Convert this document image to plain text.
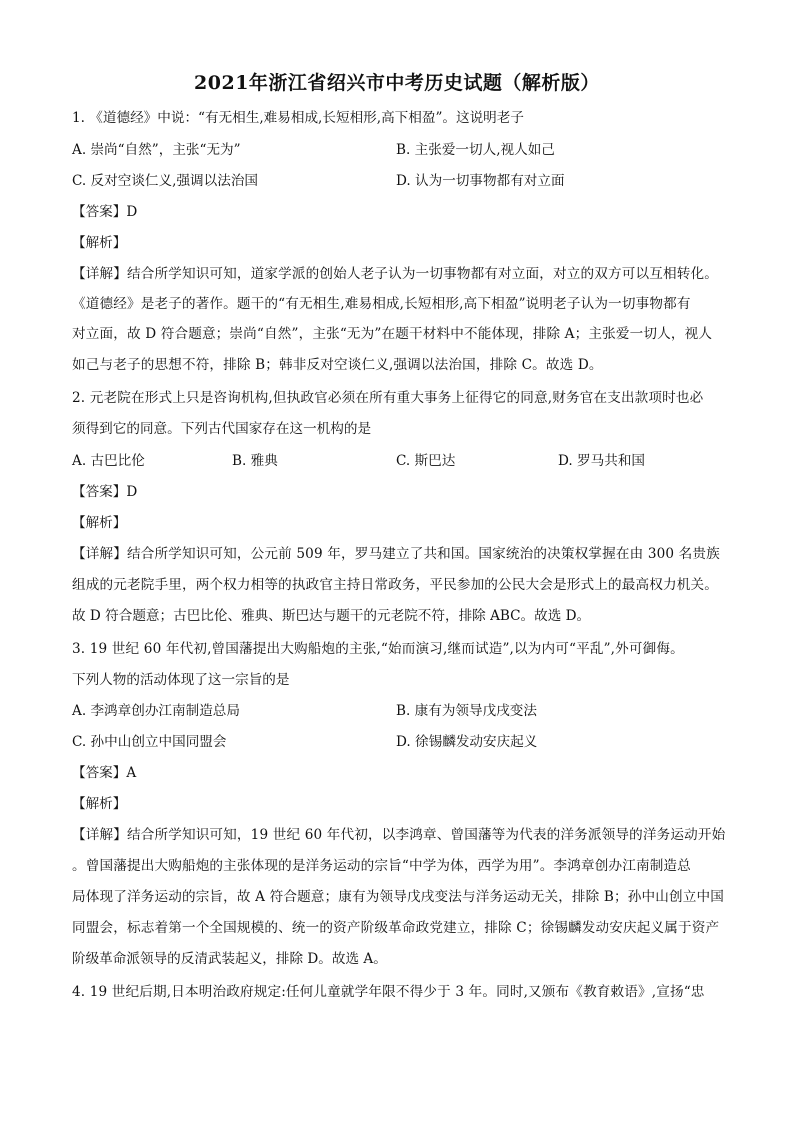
2021年浙江省绍兴市中考历史试题（解析版）
1. 《道德经》中说：“有无相生,难易相成,长短相形,高下相盈”。这说明老子
A. 崇尚“自然”，主张“无为”	B. 主张爱一切人,视人如己
C. 反对空谈仁义,强调以法治国	D. 认为一切事物都有对立面
【答案】D
【解析】
【详解】结合所学知识可知，道家学派的创始人老子认为一切事物都有对立面，对立的双方可以互相转化。
《道德经》是老子的著作。题干的“有无相生,难易相成,长短相形,高下相盈”说明老子认为一切事物都有
对立面，故 D 符合题意；崇尚“自然”，主张“无为”在题干材料中不能体现，排除 A；主张爱一切人，视人
如己与老子的思想不符，排除 B；韩非反对空谈仁义,强调以法治国，排除 C。故选 D。
2. 元老院在形式上只是咨询机构,但执政官必须在所有重大事务上征得它的同意,财务官在支出款项时也必
须得到它的同意。下列古代国家存在这一机构的是
A. 古巴比伦	B. 雅典	C. 斯巴达	D. 罗马共和国
【答案】D
【解析】
【详解】结合所学知识可知，公元前 509 年，罗马建立了共和国。国家统治的决策权掌握在由 300 名贵族
组成的元老院手里，两个权力相等的执政官主持日常政务，平民参加的公民大会是形式上的最高权力机关。
故 D 符合题意；古巴比伦、雅典、斯巴达与题干的元老院不符，排除 ABC。故选 D。
3. 19 世纪 60 年代初,曾国藩提出大购船炮的主张,“始而演习,继而试造”,以为内可“平乱”,外可御侮。
下列人物的活动体现了这一宗旨的是
A. 李鸿章创办江南制造总局	B. 康有为领导戊戌变法
C. 孙中山创立中国同盟会	D. 徐锡麟发动安庆起义
【答案】A
【解析】
【详解】结合所学知识可知，19 世纪 60 年代初，以李鸿章、曾国藩等为代表的洋务派领导的洋务运动开始
。曾国藩提出大购船炮的主张体现的是洋务运动的宗旨“中学为体，西学为用”。李鸿章创办江南制造总
局体现了洋务运动的宗旨，故 A 符合题意；康有为领导戊戌变法与洋务运动无关，排除 B；孙中山创立中国
同盟会，标志着第一个全国规模的、统一的资产阶级革命政党建立，排除 C；徐锡麟发动安庆起义属于资产
阶级革命派领导的反清武装起义，排除 D。故选 A。
4. 19 世纪后期,日本明治政府规定:任何儿童就学年限不得少于 3 年。同时,又颁布《教育敕语》,宣扬“忠
